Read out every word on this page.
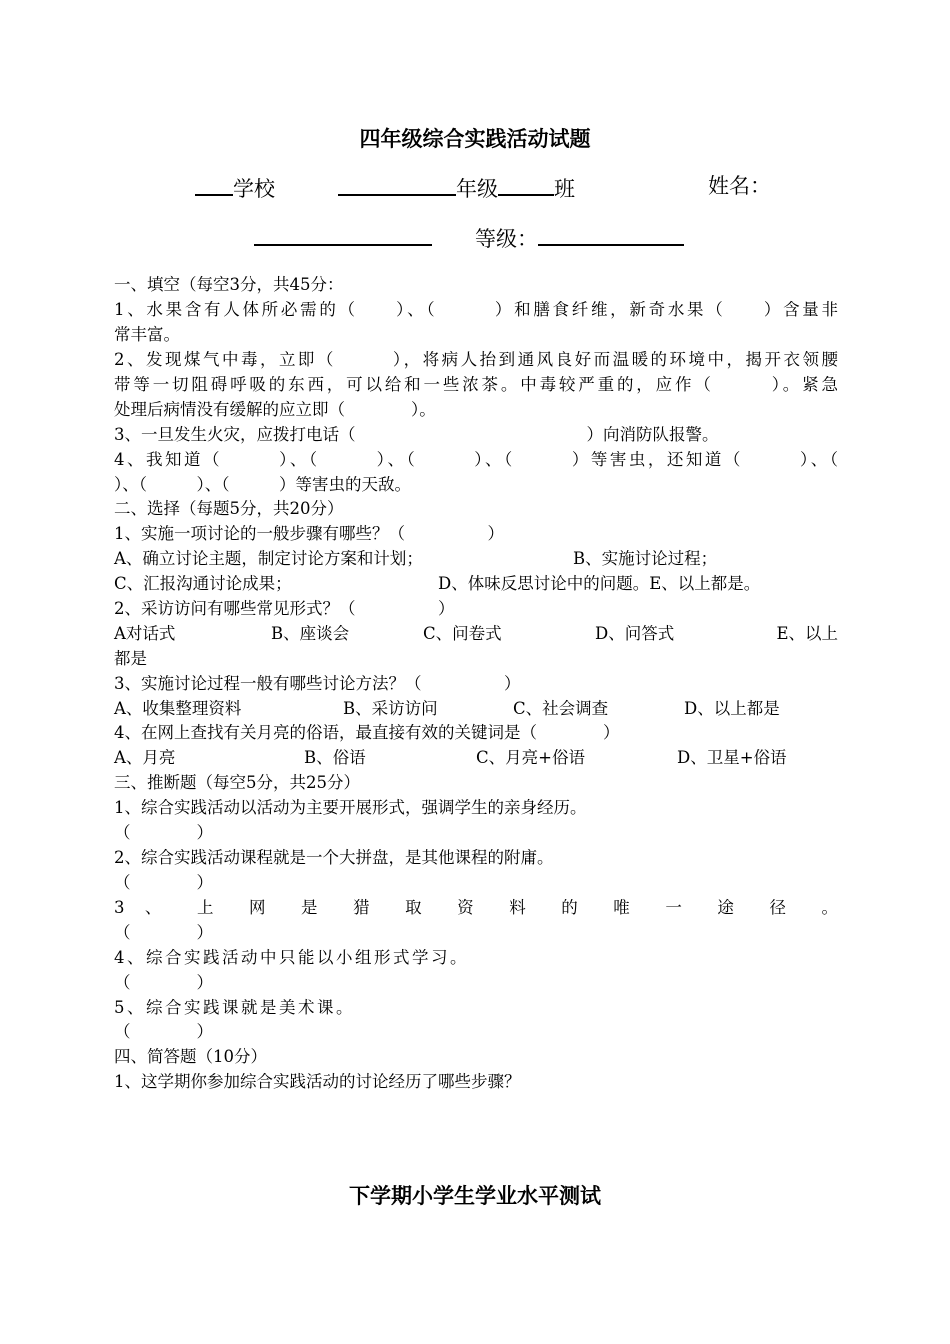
四年级综合实践活动试题
学校	年级	班	姓名：
等级：
一、填空（每空3分，共45分：
1、水果含有人体所必需的（　　）、（　　　）和膳食纤维，新奇水果（　　）含量非
常丰富。
2、发现煤气中毒，立即（　　　），将病人抬到通风良好而温暖的环境中，揭开衣领腰
带等一切阻碍呼吸的东西，可以给和一些浓茶。中毒较严重的，应作（　　　）。紧急
处理后病情没有缓解的应立即（　　　　）。
3、一旦发生火灾，应拨打电话（　　　　　　　　　　　　　　）向消防队报警。
4、我知道（　　　）、（　　　）、（　　　）、（　　　）等害虫，还知道（　　　）、（
）、（　　　）、（　　　）等害虫的天敌。
二、选择（每题5分，共20分）
1、实施一项讨论的一般步骤有哪些？（　　　　　）
A、确立讨论主题，制定讨论方案和计划；	B、实施讨论过程；
C、汇报沟通讨论成果；	D、体味反思讨论中的问题。E、以上都是。
2、采访访问有哪些常见形式？（　　　　　）
A对话式	B、座谈会	C、问卷式	D、问答式	E、以上
都是
3、实施讨论过程一般有哪些讨论方法？（　　　　　）
A、收集整理资料	B、采访访问	C、社会调查	D、以上都是
4、在网上查找有关月亮的俗语，最直接有效的关键词是（　　　　）
A、月亮	B、俗语	C、月亮+俗语	D、卫星+俗语
三、推断题（每空5分，共25分）
1、综合实践活动以活动为主要开展形式，强调学生的亲身经历。
（　　　　）
2、综合实践活动课程就是一个大拼盘，是其他课程的附庸。
（　　　　）
3 、 上 网 是 猎 取 资 料 的 唯 一 途 径 。
（　　　　）
4、综合实践活动中只能以小组形式学习。
（　　　　）
5、综合实践课就是美术课。
（　　　　）
四、简答题（10分）
1、这学期你参加综合实践活动的讨论经历了哪些步骤？
下学期小学生学业水平测试
